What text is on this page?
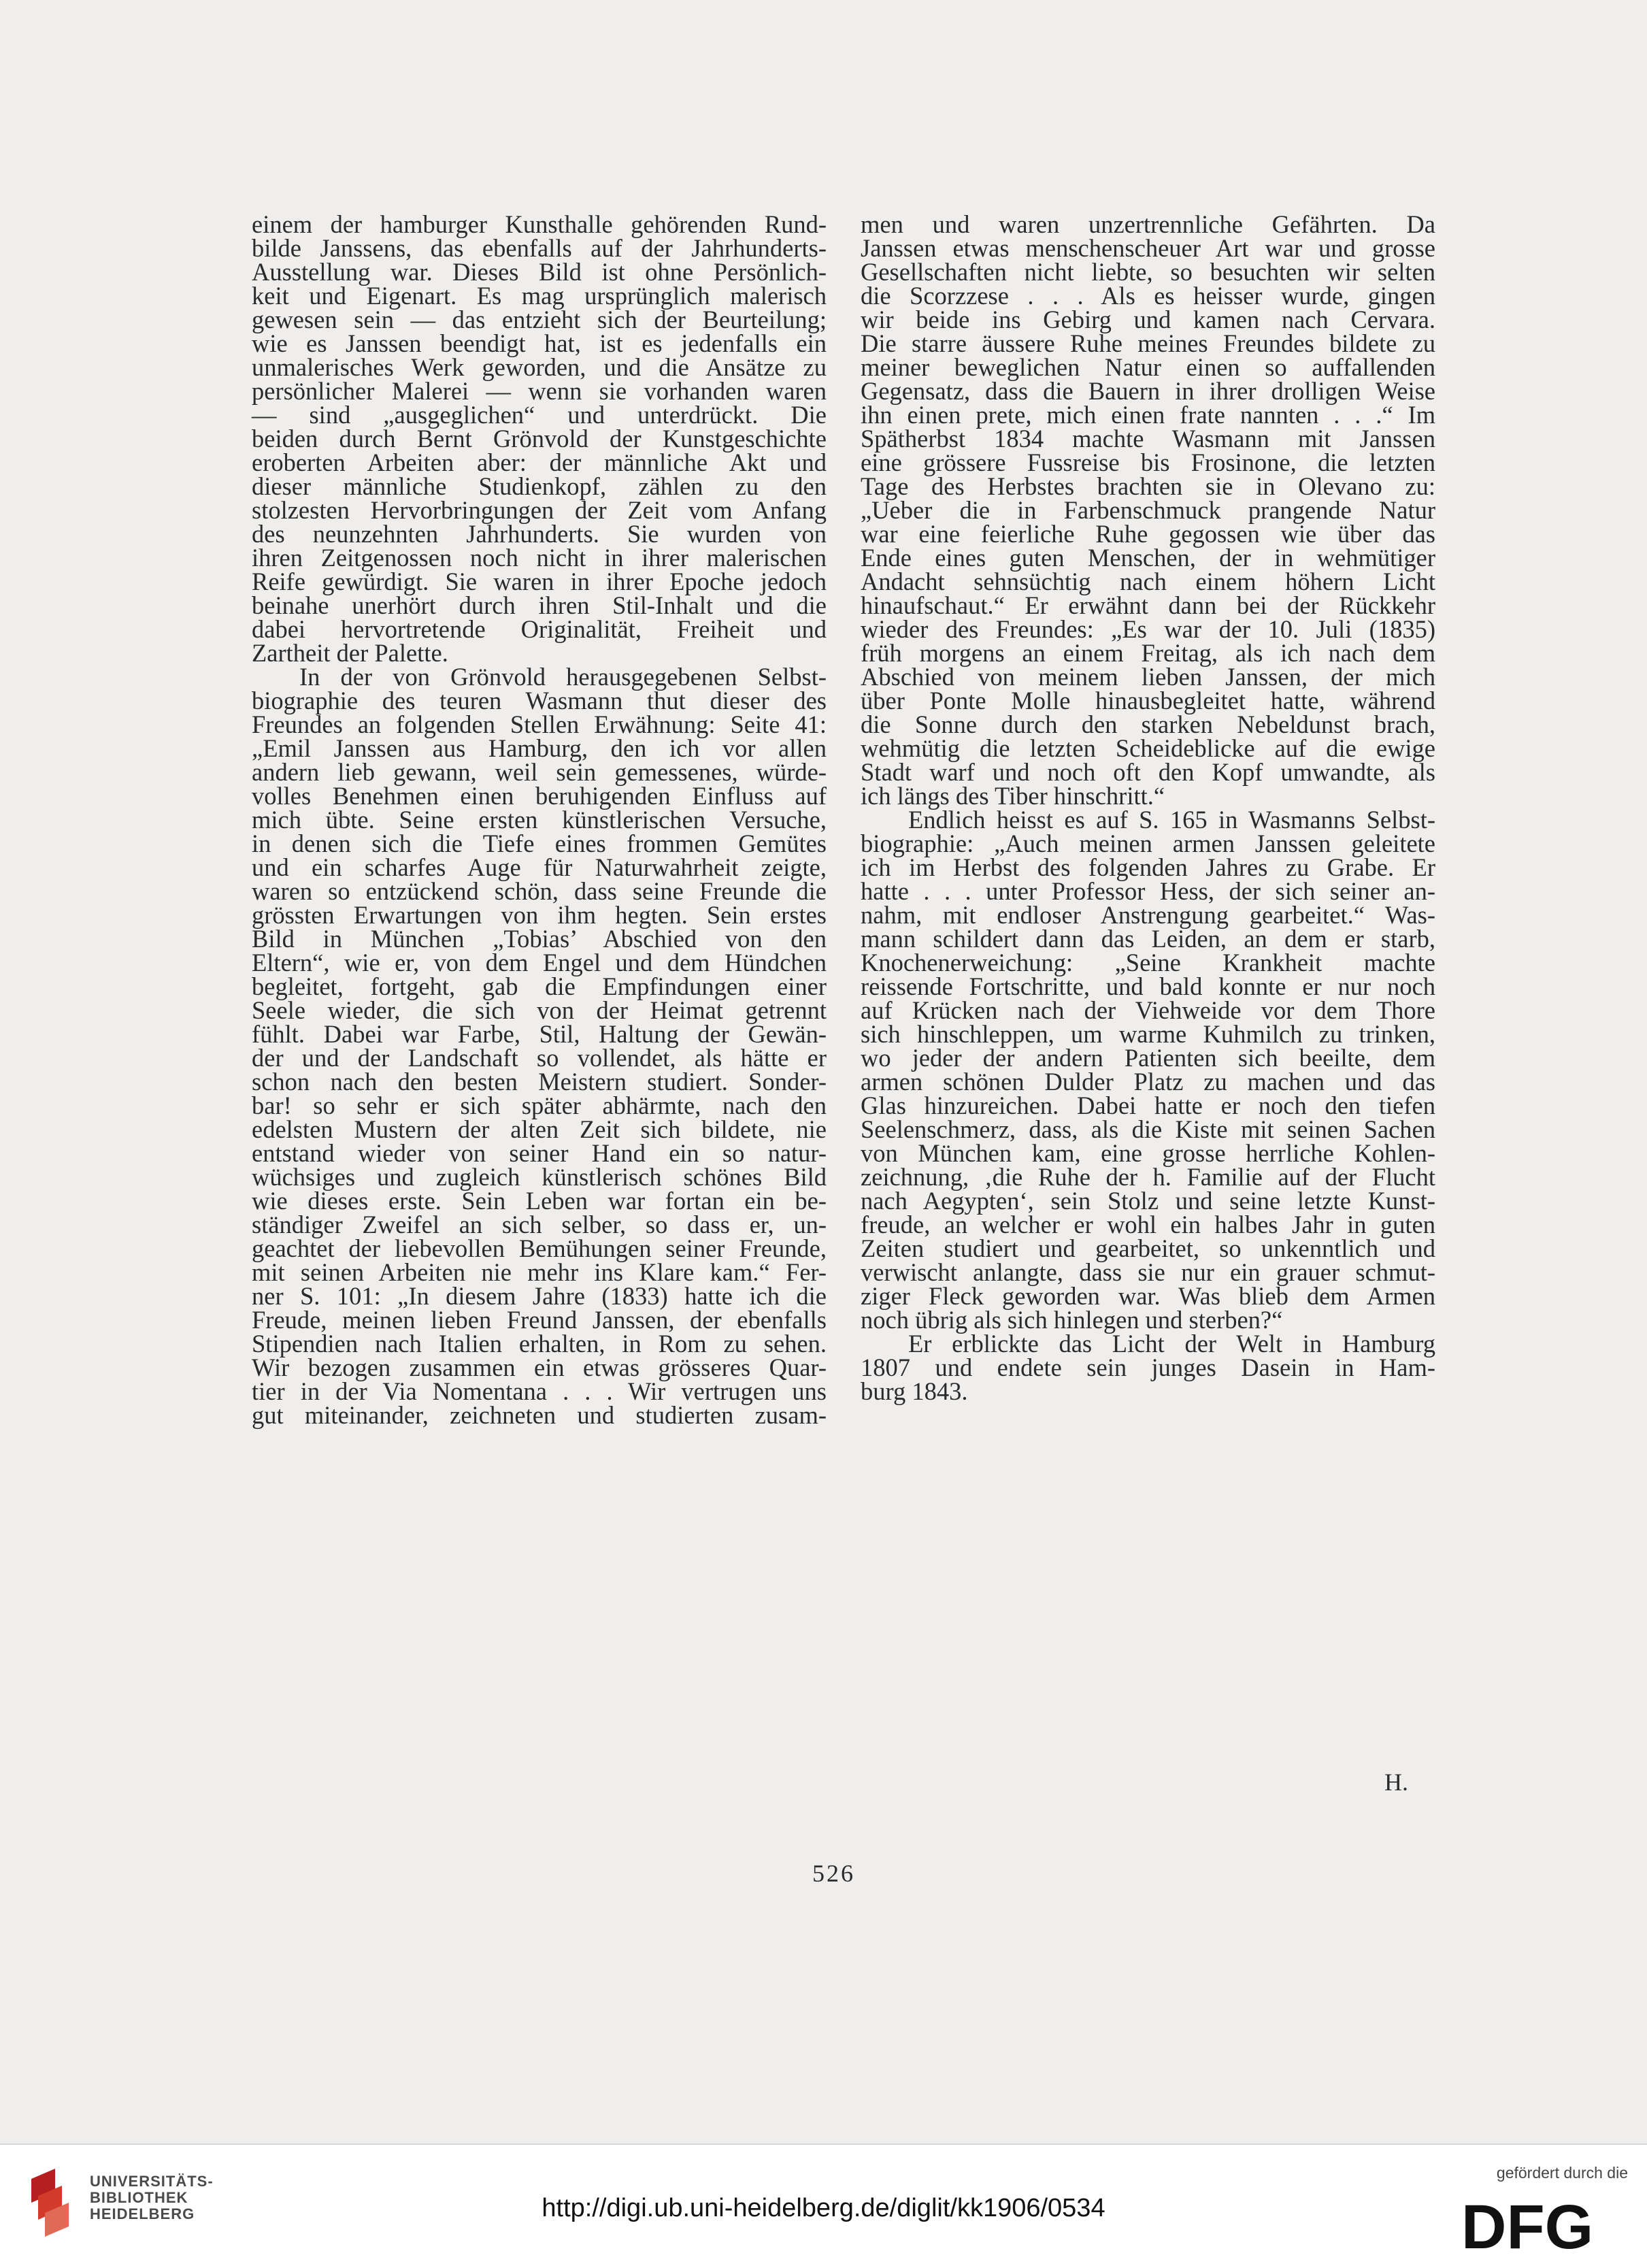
einem der hamburger Kunsthalle gehörenden Rund-
bilde Janssens, das ebenfalls auf der Jahrhunderts-
Ausstellung war. Dieses Bild ist ohne Persönlich-
keit und Eigenart. Es mag ursprünglich malerisch
gewesen sein — das entzieht sich der Beurteilung;
wie es Janssen beendigt hat, ist es jedenfalls ein
unmalerisches Werk geworden, und die Ansätze zu
persönlicher Malerei — wenn sie vorhanden waren
— sind „ausgeglichen“ und unterdrückt. Die
beiden durch Bernt Grönvold der Kunstgeschichte
eroberten Arbeiten aber: der männliche Akt und
dieser männliche Studienkopf, zählen zu den
stolzesten Hervorbringungen der Zeit vom Anfang
des neunzehnten Jahrhunderts. Sie wurden von
ihren Zeitgenossen noch nicht in ihrer malerischen
Reife gewürdigt. Sie waren in ihrer Epoche jedoch
beinahe unerhört durch ihren Stil-Inhalt und die
dabei hervortretende Originalität, Freiheit und
Zartheit der Palette.
In der von Grönvold herausgegebenen Selbst-
biographie des teuren Wasmann thut dieser des
Freundes an folgenden Stellen Erwähnung: Seite 41:
„Emil Janssen aus Hamburg, den ich vor allen
andern lieb gewann, weil sein gemessenes, würde-
volles Benehmen einen beruhigenden Einfluss auf
mich übte. Seine ersten künstlerischen Versuche,
in denen sich die Tiefe eines frommen Gemütes
und ein scharfes Auge für Naturwahrheit zeigte,
waren so entzückend schön, dass seine Freunde die
grössten Erwartungen von ihm hegten. Sein erstes
Bild in München „Tobias’ Abschied von den
Eltern“, wie er, von dem Engel und dem Hündchen
begleitet, fortgeht, gab die Empfindungen einer
Seele wieder, die sich von der Heimat getrennt
fühlt. Dabei war Farbe, Stil, Haltung der Gewän-
der und der Landschaft so vollendet, als hätte er
schon nach den besten Meistern studiert. Sonder-
bar! so sehr er sich später abhärmte, nach den
edelsten Mustern der alten Zeit sich bildete, nie
entstand wieder von seiner Hand ein so natur-
wüchsiges und zugleich künstlerisch schönes Bild
wie dieses erste. Sein Leben war fortan ein be-
ständiger Zweifel an sich selber, so dass er, un-
geachtet der liebevollen Bemühungen seiner Freunde,
mit seinen Arbeiten nie mehr ins Klare kam.“ Fer-
ner S. 101: „In diesem Jahre (1833) hatte ich die
Freude, meinen lieben Freund Janssen, der ebenfalls
Stipendien nach Italien erhalten, in Rom zu sehen.
Wir bezogen zusammen ein etwas grösseres Quar-
tier in der Via Nomentana . . . Wir vertrugen uns
gut miteinander, zeichneten und studierten zusam-
men und waren unzertrennliche Gefährten. Da
Janssen etwas menschenscheuer Art war und grosse
Gesellschaften nicht liebte, so besuchten wir selten
die Scorzzese . . . Als es heisser wurde, gingen
wir beide ins Gebirg und kamen nach Cervara.
Die starre äussere Ruhe meines Freundes bildete zu
meiner beweglichen Natur einen so auffallenden
Gegensatz, dass die Bauern in ihrer drolligen Weise
ihn einen prete, mich einen frate nannten . . .“ Im
Spätherbst 1834 machte Wasmann mit Janssen
eine grössere Fussreise bis Frosinone, die letzten
Tage des Herbstes brachten sie in Olevano zu:
„Ueber die in Farbenschmuck prangende Natur
war eine feierliche Ruhe gegossen wie über das
Ende eines guten Menschen, der in wehmütiger
Andacht sehnsüchtig nach einem höhern Licht
hinaufschaut.“ Er erwähnt dann bei der Rückkehr
wieder des Freundes: „Es war der 10. Juli (1835)
früh morgens an einem Freitag, als ich nach dem
Abschied von meinem lieben Janssen, der mich
über Ponte Molle hinausbegleitet hatte, während
die Sonne durch den starken Nebeldunst brach,
wehmütig die letzten Scheideblicke auf die ewige
Stadt warf und noch oft den Kopf umwandte, als
ich längs des Tiber hinschritt.“
Endlich heisst es auf S. 165 in Wasmanns Selbst-
biographie: „Auch meinen armen Janssen geleitete
ich im Herbst des folgenden Jahres zu Grabe. Er
hatte . . . unter Professor Hess, der sich seiner an-
nahm, mit endloser Anstrengung gearbeitet.“ Was-
mann schildert dann das Leiden, an dem er starb,
Knochenerweichung: „Seine Krankheit machte
reissende Fortschritte, und bald konnte er nur noch
auf Krücken nach der Viehweide vor dem Thore
sich hinschleppen, um warme Kuhmilch zu trinken,
wo jeder der andern Patienten sich beeilte, dem
armen schönen Dulder Platz zu machen und das
Glas hinzureichen. Dabei hatte er noch den tiefen
Seelenschmerz, dass, als die Kiste mit seinen Sachen
von München kam, eine grosse herrliche Kohlen-
zeichnung, ‚die Ruhe der h. Familie auf der Flucht
nach Aegypten‘, sein Stolz und seine letzte Kunst-
freude, an welcher er wohl ein halbes Jahr in guten
Zeiten studiert und gearbeitet, so unkenntlich und
verwischt anlangte, dass sie nur ein grauer schmut-
ziger Fleck geworden war. Was blieb dem Armen
noch übrig als sich hinlegen und sterben?“
Er erblickte das Licht der Welt in Hamburg
1807 und endete sein junges Dasein in Ham-
burg 1843.
H.
526
UNIVERSITÄTS-
BIBLIOTHEK
HEIDELBERG	http://digi.ub.uni-heidelberg.de/diglit/kk1906/0534
gefördert durch die
DFG
